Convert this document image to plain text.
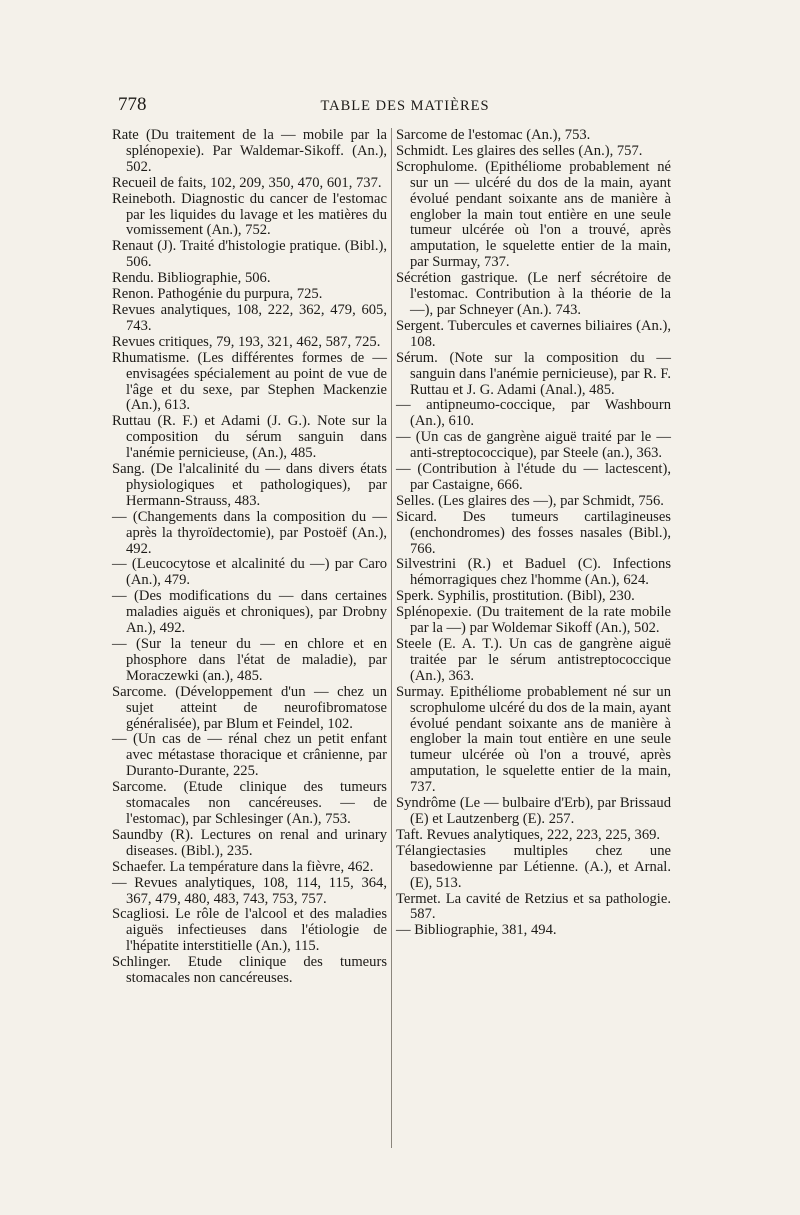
778	TABLE DES MATIÈRES

Rate (Du traitement de la — mobile par la splénopexie). Par Waldemar-Sikoff. (An.), 502.

Recueil de faits, 102, 209, 350, 470, 601, 737.

Reineboth. Diagnostic du cancer de l'estomac par les liquides du lavage et les matières du vomissement (An.), 752.

Renaut (J). Traité d'histologie pratique. (Bibl.), 506.

Rendu. Bibliographie, 506.

Renon. Pathogénie du purpura, 725.

Revues analytiques, 108, 222, 362, 479, 605, 743.

Revues critiques, 79, 193, 321, 462, 587, 725.

Rhumatisme. (Les différentes formes de — envisagées spécialement au point de vue de l'âge et du sexe, par Stephen Mackenzie (An.), 613.

Ruttau (R. F.) et Adami (J. G.). Note sur la composition du sérum sanguin dans l'anémie pernicieuse, (An.), 485.

Sang. (De l'alcalinité du — dans divers états physiologiques et pathologiques), par Hermann-Strauss, 483.

— (Changements dans la composition du — après la thyroïdectomie), par Postoëf (An.), 492.

— (Leucocytose et alcalinité du —) par Caro (An.), 479.

— (Des modifications du — dans certaines maladies aiguës et chroniques), par Drobny An.), 492.

— (Sur la teneur du — en chlore et en phosphore dans l'état de maladie), par Moraczewki (an.), 485.

Sarcome. (Développement d'un — chez un sujet atteint de neurofibromatose généralisée), par Blum et Feindel, 102.

— (Un cas de — rénal chez un petit enfant avec métastase thoracique et crânienne, par Duranto-Durante, 225.

Sarcome. (Etude clinique des tumeurs stomacales non cancéreuses. — de l'estomac), par Schlesinger (An.), 753.

Saundby (R). Lectures on renal and urinary diseases. (Bibl.), 235.

Schaefer. La température dans la fièvre, 462.

— Revues analytiques, 108, 114, 115, 364, 367, 479, 480, 483, 743, 753, 757.

Scagliosi. Le rôle de l'alcool et des maladies aiguës infectieuses dans l'étiologie de l'hépatite interstitielle (An.), 115.

Schlinger. Etude clinique des tumeurs stomacales non cancéreuses.

Sarcome de l'estomac (An.), 753.

Schmidt. Les glaires des selles (An.), 757.

Scrophulome. (Epithéliome probablement né sur un — ulcéré du dos de la main, ayant évolué pendant soixante ans de manière à englober la main tout entière en une seule tumeur ulcérée où l'on a trouvé, après amputation, le squelette entier de la main, par Surmay, 737.

Sécrétion gastrique. (Le nerf sécrétoire de l'estomac. Contribution à la théorie de la —), par Schneyer (An.). 743.

Sergent. Tubercules et cavernes biliaires (An.), 108.

Sérum. (Note sur la composition du — sanguin dans l'anémie pernicieuse), par R. F. Ruttau et J. G. Adami (Anal.), 485.

— antipneumo-coccique, par Washbourn (An.), 610.

— (Un cas de gangrène aiguë traité par le — anti-streptococcique), par Steele (an.), 363.

— (Contribution à l'étude du — lactescent), par Castaigne, 666.

Selles. (Les glaires des —), par Schmidt, 756.

Sicard. Des tumeurs cartilagineuses (enchondromes) des fosses nasales (Bibl.), 766.

Silvestrini (R.) et Baduel (C). Infections hémorragiques chez l'homme (An.), 624.

Sperk. Syphilis, prostitution. (Bibl), 230.

Splénopexie. (Du traitement de la rate mobile par la —) par Woldemar Sikoff (An.), 502.

Steele (E. A. T.). Un cas de gangrène aiguë traitée par le sérum antistreptococcique (An.), 363.

Surmay. Epithéliome probablement né sur un scrophulome ulcéré du dos de la main, ayant évolué pendant soixante ans de manière à englober la main tout entière en une seule tumeur ulcérée où l'on a trouvé, après amputation, le squelette entier de la main, 737.

Syndrôme (Le — bulbaire d'Erb), par Brissaud (E) et Lautzenberg (E). 257.

Taft. Revues analytiques, 222, 223, 225, 369.

Télangiectasies multiples chez une basedowienne par Létienne. (A.), et Arnal. (E), 513.

Termet. La cavité de Retzius et sa pathologie. 587.

— Bibliographie, 381, 494.
